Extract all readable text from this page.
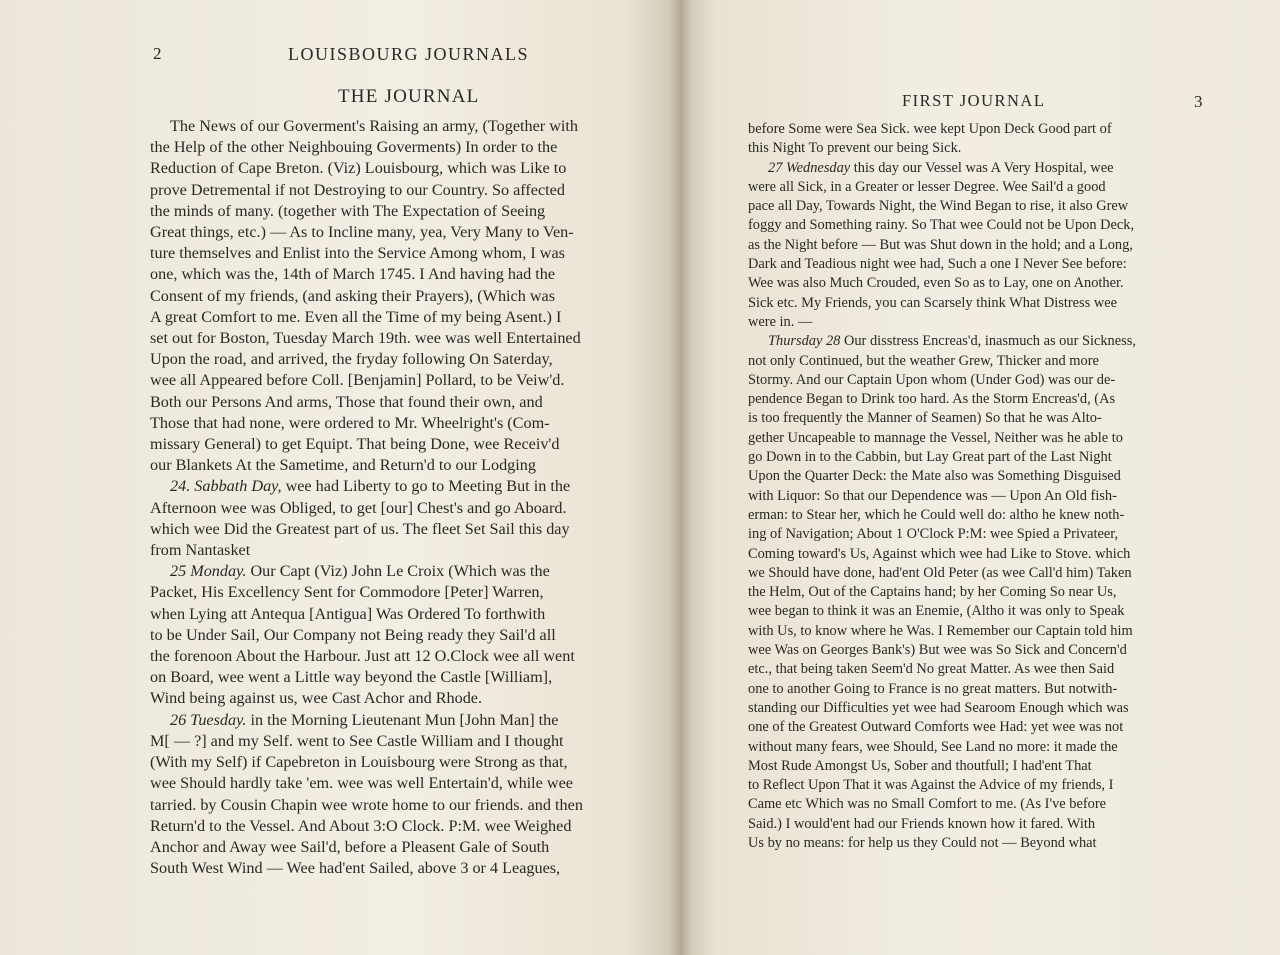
2	LOUISBOURG JOURNALS
THE JOURNAL
The News of our Goverment's Raising an army, (Together with
the Help of the other Neighbouing Goverments) In order to the
Reduction of Cape Breton. (Viz) Louisbourg, which was Like to
prove Detremental if not Destroying to our Country. So affected
the minds of many. (together with The Expectation of Seeing
Great things, etc.) — As to Incline many, yea, Very Many to Ven-
ture themselves and Enlist into the Service Among whom, I was
one, which was the, 14th of March 1745. I And having had the
Consent of my friends, (and asking their Prayers), (Which was
A great Comfort to me. Even all the Time of my being Asent.) I
set out for Boston, Tuesday March 19th. wee was well Entertained
Upon the road, and arrived, the fryday following On Saterday,
wee all Appeared before Coll. [Benjamin] Pollard, to be Veiw'd.
Both our Persons And arms, Those that found their own, and
Those that had none, were ordered to Mr. Wheelright's (Com-
missary General) to get Equipt. That being Done, wee Receiv'd
our Blankets At the Sametime, and Return'd to our Lodging
24. Sabbath Day, wee had Liberty to go to Meeting But in the
Afternoon wee was Obliged, to get [our] Chest's and go Aboard.
which wee Did the Greatest part of us. The fleet Set Sail this day
from Nantasket
25 Monday. Our Capt (Viz) John Le Croix (Which was the
Packet, His Excellency Sent for Commodore [Peter] Warren,
when Lying att Antequa [Antigua] Was Ordered To forthwith
to be Under Sail, Our Company not Being ready they Sail'd all
the forenoon About the Harbour. Just att 12 O.Clock wee all went
on Board, wee went a Little way beyond the Castle [William],
Wind being against us, wee Cast Achor and Rhode.
26 Tuesday. in the Morning Lieutenant Mun [John Man] the
M[ — ?] and my Self. went to See Castle William and I thought
(With my Self) if Capebreton in Louisbourg were Strong as that,
wee Should hardly take 'em. wee was well Entertain'd, while wee
tarried. by Cousin Chapin wee wrote home to our friends. and then
Return'd to the Vessel. And About 3:O Clock. P:M. wee Weighed
Anchor and Away wee Sail'd, before a Pleasent Gale of South
South West Wind — Wee had'ent Sailed, above 3 or 4 Leagues,
FIRST JOURNAL	3
before Some were Sea Sick. wee kept Upon Deck Good part of
this Night To prevent our being Sick.
27 Wednesday this day our Vessel was A Very Hospital, wee
were all Sick, in a Greater or lesser Degree. Wee Sail'd a good
pace all Day, Towards Night, the Wind Began to rise, it also Grew
foggy and Something rainy. So That wee Could not be Upon Deck,
as the Night before — But was Shut down in the hold; and a Long,
Dark and Teadious night wee had, Such a one I Never See before:
Wee was also Much Crouded, even So as to Lay, one on Another.
Sick etc. My Friends, you can Scarsely think What Distress wee
were in. —
Thursday 28 Our disstress Encreas'd, inasmuch as our Sickness,
not only Continued, but the weather Grew, Thicker and more
Stormy. And our Captain Upon whom (Under God) was our de-
pendence Began to Drink too hard. As the Storm Encreas'd, (As
is too frequently the Manner of Seamen) So that he was Alto-
gether Uncapeable to mannage the Vessel, Neither was he able to
go Down in to the Cabbin, but Lay Great part of the Last Night
Upon the Quarter Deck: the Mate also was Something Disguised
with Liquor: So that our Dependence was — Upon An Old fish-
erman: to Stear her, which he Could well do: altho he knew noth-
ing of Navigation; About 1 O'Clock P:M: wee Spied a Privateer,
Coming toward's Us, Against which wee had Like to Stove. which
we Should have done, had'ent Old Peter (as wee Call'd him) Taken
the Helm, Out of the Captains hand; by her Coming So near Us,
wee began to think it was an Enemie, (Altho it was only to Speak
with Us, to know where he Was. I Remember our Captain told him
wee Was on Georges Bank's) But wee was So Sick and Concern'd
etc., that being taken Seem'd No great Matter. As wee then Said
one to another Going to France is no great matters. But notwith-
standing our Difficulties yet wee had Searoom Enough which was
one of the Greatest Outward Comforts wee Had: yet wee was not
without many fears, wee Should, See Land no more: it made the
Most Rude Amongst Us, Sober and thoutfull; I had'ent That
to Reflect Upon That it was Against the Advice of my friends, I
Came etc Which was no Small Comfort to me. (As I've before
Said.) I would'ent had our Friends known how it fared. With
Us by no means: for help us they Could not — Beyond what
